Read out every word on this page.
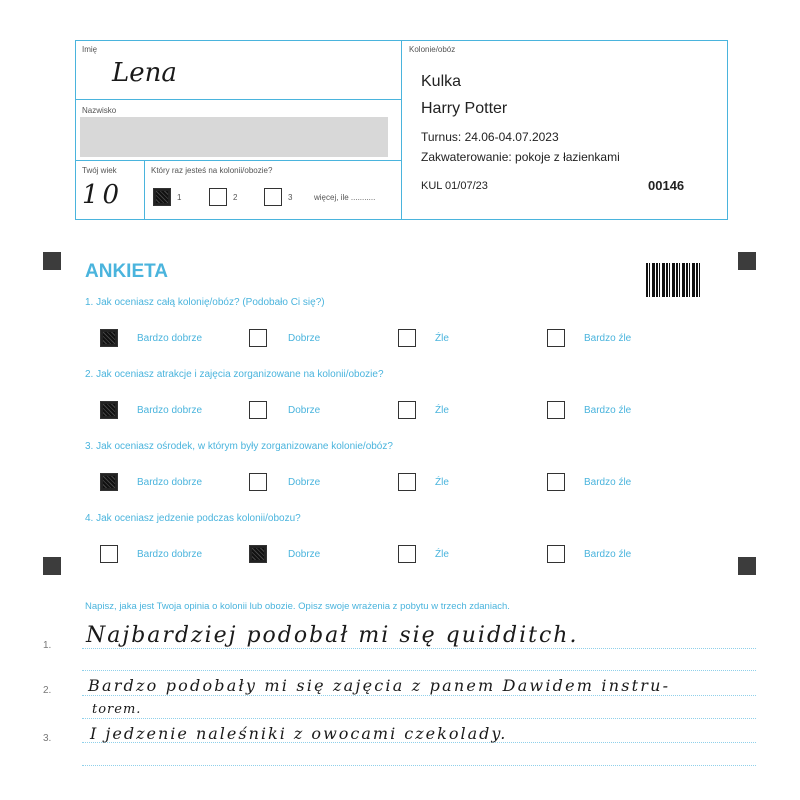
Imię
Lena
Nazwisko
Twój wiek
10
Który raz jesteś na kolonii/obozie?
1	2	3	więcej, ile ...........
Kolonie/obóz
Kulka
Harry Potter
Turnus: 24.06-04.07.2023
Zakwaterowanie: pokoje z łazienkami
KUL 01/07/23	00146
ANKIETA
1. Jak oceniasz całą kolonię/obóz? (Podobało Ci się?)
Bardzo dobrze	Dobrze	Źle	Bardzo źle
2. Jak oceniasz atrakcje i zajęcia zorganizowane na kolonii/obozie?
Bardzo dobrze	Dobrze	Źle	Bardzo źle
3. Jak oceniasz ośrodek, w którym były zorganizowane kolonie/obóz?
Bardzo dobrze	Dobrze	Źle	Bardzo źle
4. Jak oceniasz jedzenie podczas kolonii/obozu?
Bardzo dobrze	Dobrze	Źle	Bardzo źle
Napisz, jaka jest Twoja opinia o kolonii lub obozie. Opisz swoje wrażenia z pobytu w trzech zdaniach.
1.
2.
3.
Najbardziej podobał mi się quidditch.
Bardzo podobały mi się zajęcia z panem Dawidem instru-
torem.
I jedzenie naleśniki z owocami czekolady.
